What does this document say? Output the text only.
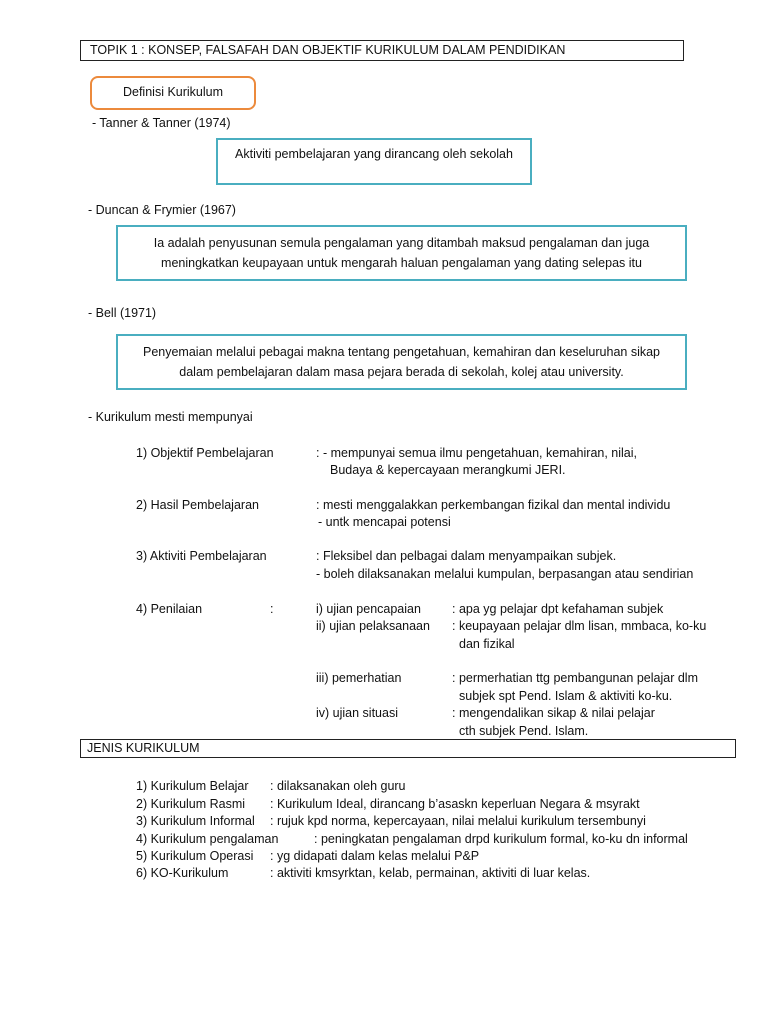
TOPIK 1 : KONSEP, FALSAFAH DAN OBJEKTIF KURIKULUM DALAM PENDIDIKAN
Definisi Kurikulum
- Tanner & Tanner (1974)
Aktiviti pembelajaran yang dirancang oleh sekolah
- Duncan & Frymier (1967)
Ia adalah penyusunan semula pengalaman yang ditambah maksud pengalaman dan juga
meningkatkan keupayaan untuk mengarah haluan pengalaman yang dating selepas itu
- Bell (1971)
Penyemaian melalui pebagai makna tentang pengetahuan, kemahiran dan keseluruhan sikap
dalam pembelajaran dalam masa pejara berada di sekolah, kolej atau university.
- Kurikulum mesti mempunyai
1) Objektif Pembelajaran	: - mempunyai semua ilmu pengetahuan, kemahiran, nilai,
Budaya & kepercayaan merangkumi JERI.
2) Hasil Pembelajaran	: mesti menggalakkan perkembangan fizikal dan mental individu
- untk mencapai potensi
3) Aktiviti Pembelajaran	: Fleksibel dan pelbagai dalam menyampaikan subjek.
- boleh dilaksanakan melalui kumpulan, berpasangan atau sendirian
4) Penilaian	:	i) ujian pencapaian : apa yg pelajar dpt kefahaman subjek
ii) ujian pelaksanaan : keupayaan pelajar dlm lisan, mmbaca, ko-ku
dan fizikal
iii) pemerhatian	: permerhatian ttg pembangunan pelajar dlm
subjek spt Pend. Islam & aktiviti ko-ku.
iv) ujian situasi	: mengendalikan sikap & nilai pelajar
cth subjek Pend. Islam.
JENIS KURIKULUM
1) Kurikulum Belajar : dilaksanakan oleh guru
2) Kurikulum Rasmi : Kurikulum Ideal, dirancang b’asaskn keperluan Negara & msyrakt
3) Kurikulum Informal : rujuk kpd norma, kepercayaan, nilai melalui kurikulum tersembunyi
4) Kurikulum pengalaman	: peningkatan pengalaman drpd kurikulum formal, ko-ku dn informal
5) Kurikulum Operasi : yg didapati dalam kelas melalui P&P
6) KO-Kurikulum	: aktiviti kmsyrktan, kelab, permainan, aktiviti di luar kelas.
